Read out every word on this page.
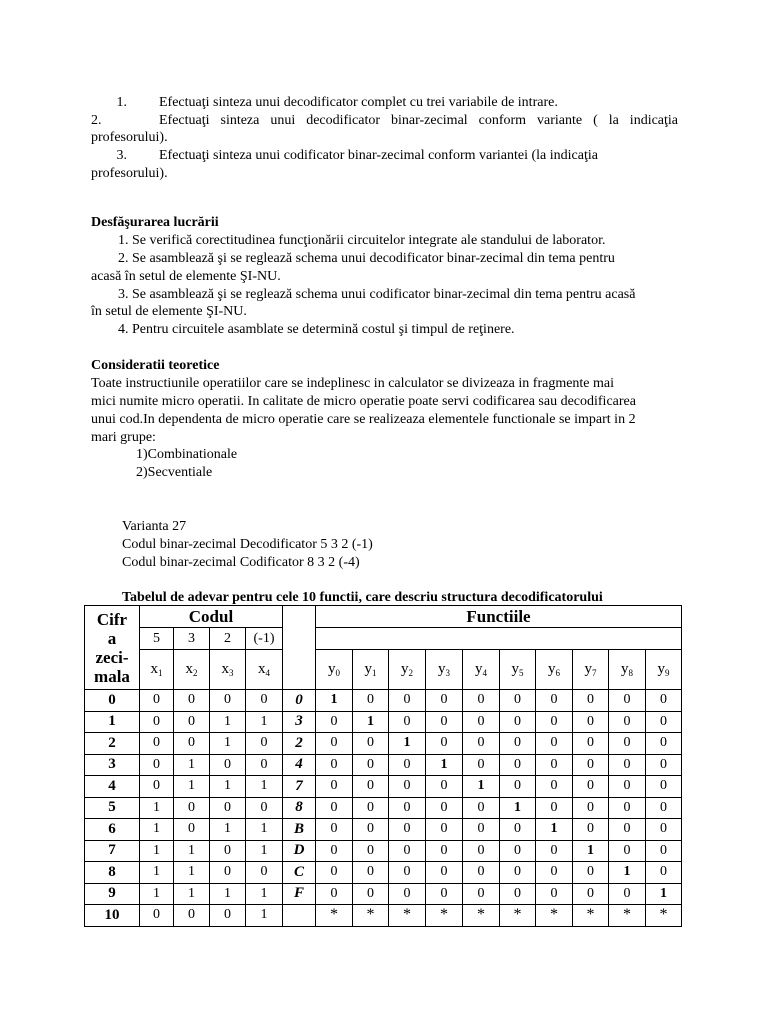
1. Efectuaţi sinteza unui decodificator complet cu trei variabile de intrare.
2.	Efectuaţi sinteza unui decodificator binar-zecimal conform variante ( la indicaţia
profesorului).
3. Efectuaţi sinteza unui codificator binar-zecimal conform variantei (la indicaţia
profesorului).
Desfăşurarea lucrării
1. Se verifică corectitudinea funcţionării circuitelor integrate ale standului de laborator.
2. Se asamblează şi se reglează schema unui decodificator binar-zecimal din tema pentru
acasă în setul de elemente ŞI-NU.
3. Se asamblează şi se reglează schema unui codificator binar-zecimal din tema pentru acasă
în setul de elemente ŞI-NU.
4. Pentru circuitele asamblate se determină costul şi timpul de reţinere.
Consideratii teoretice
Toate instructiunile operatiilor care se indeplinesc in calculator se divizeaza in fragmente mai
mici numite micro operatii. In calitate de micro operatie poate servi codificarea sau decodificarea
unui cod.In dependenta de micro operatie care se realizeaza elementele functionale se impart in 2
mari grupe:
1)Combinationale
2)Secventiale
Varianta 27
Codul binar-zecimal Decodificator 5 3 2 (-1)
Codul binar-zecimal Codificator 8 3 2 (-4)
Tabelul de adevar pentru cele 10 functii, care descriu structura decodificatorului
Cifr
a
zeci-
mala	Codul					Functiile									
	5	3	2	(-1)											
	$x_1$	$x_2$	$x_3$	$x_4$		$y_0$	$y_1$	$y_2$	$y_3$	$y_4$	$y_5$	$y_6$	$y_7$	$y_8$	$y_9$
0	0	0	0	0	0	1	0	0	0	0	0	0	0	0	0
1	0	0	1	1	3	0	1	0	0	0	0	0	0	0	0
2	0	0	1	0	2	0	0	1	0	0	0	0	0	0	0
3	0	1	0	0	4	0	0	0	1	0	0	0	0	0	0
4	0	1	1	1	7	0	0	0	0	1	0	0	0	0	0
5	1	0	0	0	8	0	0	0	0	0	1	0	0	0	0
6	1	0	1	1	B	0	0	0	0	0	0	1	0	0	0
7	1	1	0	1	D	0	0	0	0	0	0	0	1	0	0
8	1	1	0	0	C	0	0	0	0	0	0	0	0	1	0
9	1	1	1	1	F	0	0	0	0	0	0	0	0	0	1
10	0	0	0	1		*	*	*	*	*	*	*	*	*	*
